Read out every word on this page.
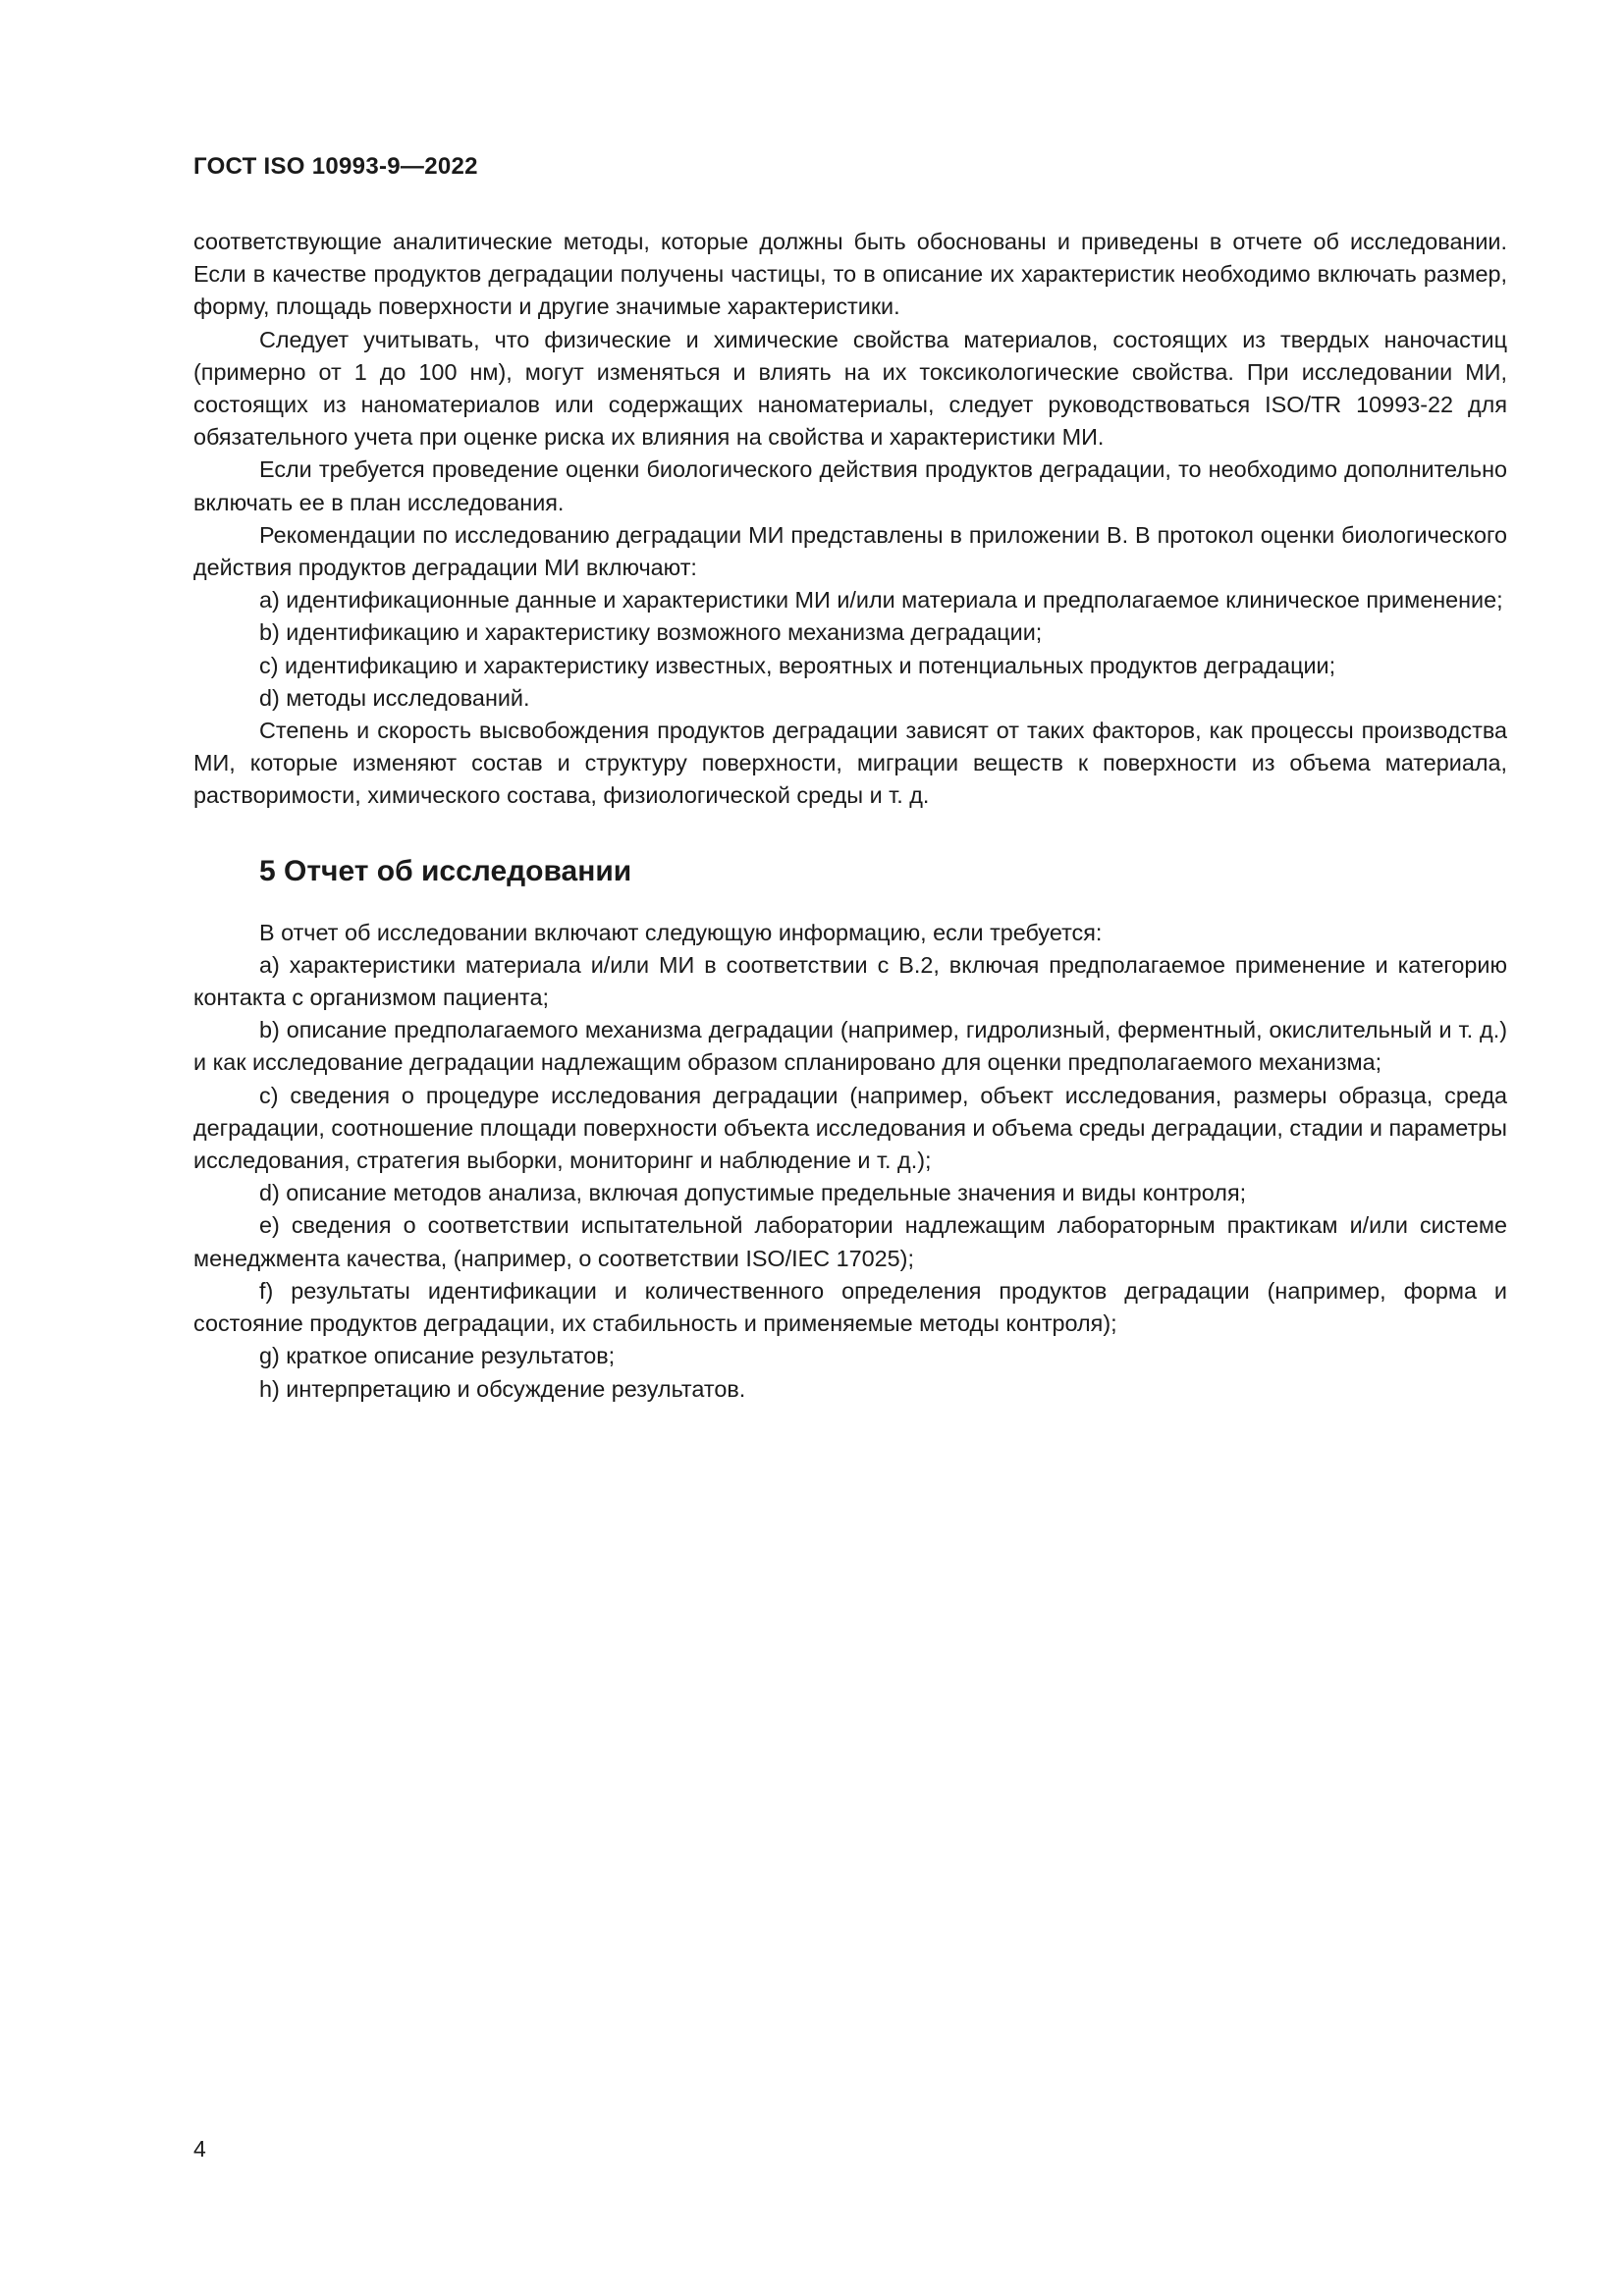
ГОСТ ISO 10993-9—2022

соответствующие аналитические методы, которые должны быть обоснованы и приведены в отчете об исследовании. Если в качестве продуктов деградации получены частицы, то в описание их характеристик необходимо включать размер, форму, площадь поверхности и другие значимые характеристики.

Следует учитывать, что физические и химические свойства материалов, состоящих из твердых наночастиц (примерно от 1 до 100 нм), могут изменяться и влиять на их токсикологические свойства. При исследовании МИ, состоящих из наноматериалов или содержащих наноматериалы, следует руководствоваться ISO/TR 10993-22 для обязательного учета при оценке риска их влияния на свойства и характеристики МИ.

Если требуется проведение оценки биологического действия продуктов деградации, то необходимо дополнительно включать ее в план исследования.

Рекомендации по исследованию деградации МИ представлены в приложении В. В протокол оценки биологического действия продуктов деградации МИ включают:

a) идентификационные данные и характеристики МИ и/или материала и предполагаемое клиническое применение;

b) идентификацию и характеристику возможного механизма деградации;

c) идентификацию и характеристику известных, вероятных и потенциальных продуктов деградации;

d) методы исследований.

Степень и скорость высвобождения продуктов деградации зависят от таких факторов, как процессы производства МИ, которые изменяют состав и структуру поверхности, миграции веществ к поверхности из объема материала, растворимости, химического состава, физиологической среды и т. д.

5 Отчет об исследовании

В отчет об исследовании включают следующую информацию, если требуется:

a) характеристики материала и/или МИ в соответствии с В.2, включая предполагаемое применение и категорию контакта с организмом пациента;

b) описание предполагаемого механизма деградации (например, гидролизный, ферментный, окислительный и т. д.) и как исследование деградации надлежащим образом спланировано для оценки предполагаемого механизма;

c) сведения о процедуре исследования деградации (например, объект исследования, размеры образца, среда деградации, соотношение площади поверхности объекта исследования и объема среды деградации, стадии и параметры исследования, стратегия выборки, мониторинг и наблюдение и т. д.);

d) описание методов анализа, включая допустимые предельные значения и виды контроля;

e) сведения о соответствии испытательной лаборатории надлежащим лабораторным практикам и/или системе менеджмента качества, (например, о соответствии ISO/IEC 17025);

f) результаты идентификации и количественного определения продуктов деградации (например, форма и состояние продуктов деградации, их стабильность и применяемые методы контроля);

g) краткое описание результатов;

h) интерпретацию и обсуждение результатов.

4
